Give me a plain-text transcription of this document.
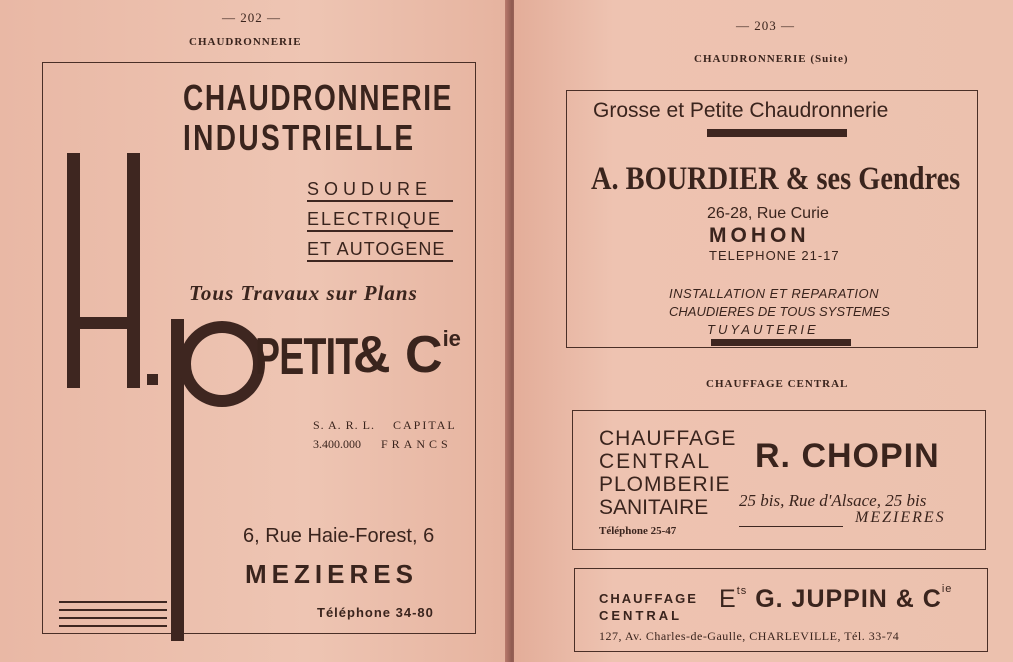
— 202 —
CHAUDRONNERIE
CHAUDRONNERIE
INDUSTRIELLE
SOUDURE
ELECTRIQUE
ET AUTOGENE
Tous Travaux sur Plans
PETIT
& $C^{ie}$
S. A. R. L. CAPITAL
3.400.000 FRANCS
6, Rue Haie-Forest, 6
MEZIERES
Téléphone 34-80
— 203 —
CHAUDRONNERIE (Suite)
Grosse et Petite Chaudronnerie
A. BOURDIER & ses Gendres
26-28, Rue Curie
MOHON
TELEPHONE 21-17
INSTALLATION ET REPARATION
CHAUDIERES DE TOUS SYSTEMES
TUYAUTERIE
CHAUFFAGE CENTRAL
CHAUFFAGE
CENTRAL
PLOMBERIE
SANITAIRE
R. CHOPIN
25 bis, Rue d'Alsace, 25 bis
MEZIERES
Téléphone 25-47
CHAUFFAGE
CENTRAL
$E^{ts}$ G. JUPPIN & $C^{ie}$
127, Av. Charles-de-Gaulle, CHARLEVILLE, Tél. 33-74
